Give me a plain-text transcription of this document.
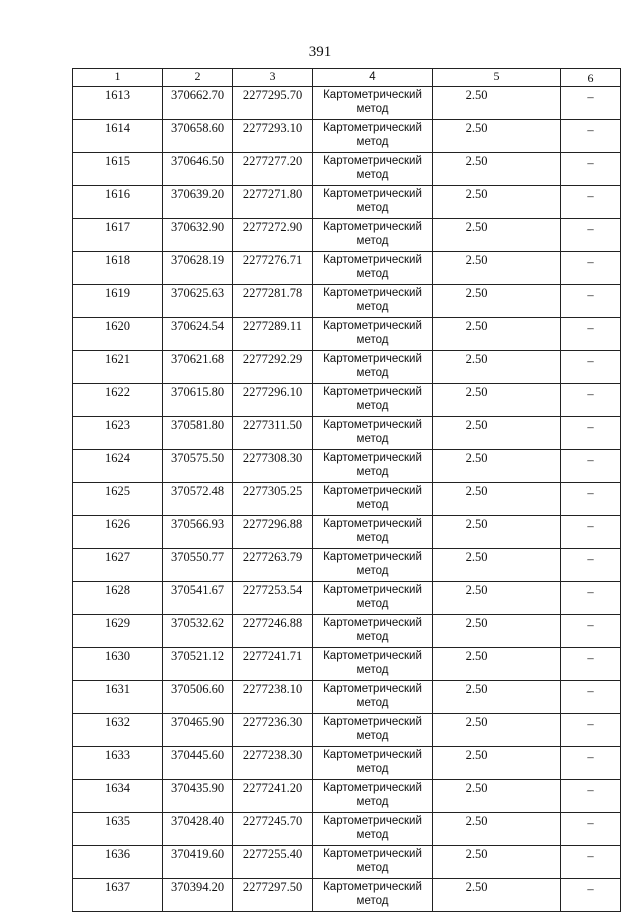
391
1	2	3	4	5	6
1613	370662.70	2277295.70	Картометрический метод	2.50	–
1614	370658.60	2277293.10	Картометрический метод	2.50	–
1615	370646.50	2277277.20	Картометрический метод	2.50	–
1616	370639.20	2277271.80	Картометрический метод	2.50	–
1617	370632.90	2277272.90	Картометрический метод	2.50	–
1618	370628.19	2277276.71	Картометрический метод	2.50	–
1619	370625.63	2277281.78	Картометрический метод	2.50	–
1620	370624.54	2277289.11	Картометрический метод	2.50	–
1621	370621.68	2277292.29	Картометрический метод	2.50	–
1622	370615.80	2277296.10	Картометрический метод	2.50	–
1623	370581.80	2277311.50	Картометрический метод	2.50	–
1624	370575.50	2277308.30	Картометрический метод	2.50	–
1625	370572.48	2277305.25	Картометрический метод	2.50	–
1626	370566.93	2277296.88	Картометрический метод	2.50	–
1627	370550.77	2277263.79	Картометрический метод	2.50	–
1628	370541.67	2277253.54	Картометрический метод	2.50	–
1629	370532.62	2277246.88	Картометрический метод	2.50	–
1630	370521.12	2277241.71	Картометрический метод	2.50	–
1631	370506.60	2277238.10	Картометрический метод	2.50	–
1632	370465.90	2277236.30	Картометрический метод	2.50	–
1633	370445.60	2277238.30	Картометрический метод	2.50	–
1634	370435.90	2277241.20	Картометрический метод	2.50	–
1635	370428.40	2277245.70	Картометрический метод	2.50	–
1636	370419.60	2277255.40	Картометрический метод	2.50	–
1637	370394.20	2277297.50	Картометрический метод	2.50	–
